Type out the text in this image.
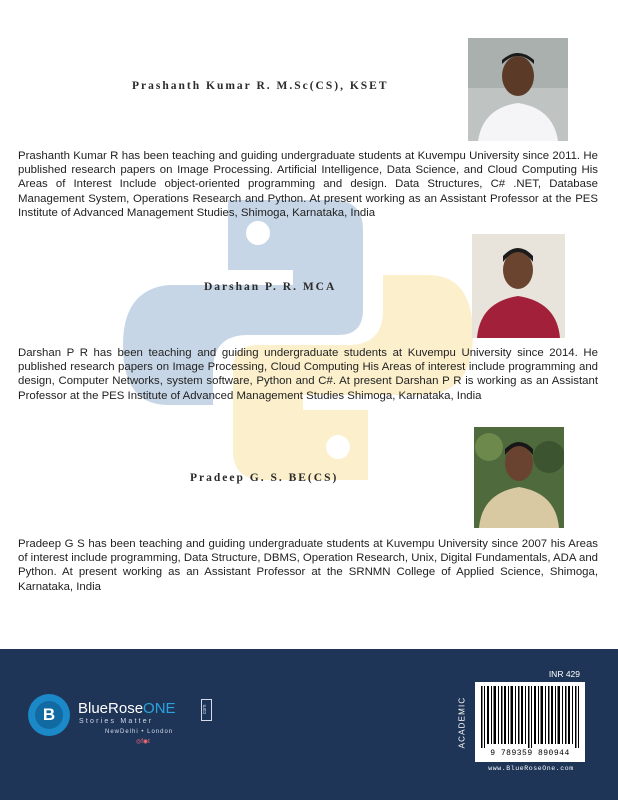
Prashanth Kumar R. M.Sc(CS), KSET
Prashanth Kumar R has been teaching and guiding undergraduate students at Kuvempu University since 2011. He published research papers on Image Processing. Artificial Intelligence, Data Science, and Cloud Computing His Areas of Interest Include object-oriented programming and design. Data Structures, C# .NET, Database Management System, Operations Research and Python. At present working as an Assistant Professor at the PES Institute of Advanced Management Studies, Shimoga, Karnataka, India
Darshan P. R. MCA
Darshan P R has been teaching and guiding undergraduate students at Kuvempu University since 2014. He published research papers on Image Processing, Cloud Computing His Areas of interest include programming and design, Computer Networks, system software, Python and C#. At present Darshan P R is working as an Assistant Professor at the PES Institute of Advanced Management Studies Shimoga, Karnataka, India
Pradeep G. S. BE(CS)
Pradeep G S has been teaching and guiding undergraduate students at Kuvempu University since 2007 his Areas of interest include programming, Data Structure, DBMS, Operation Research, Unix, Digital Fundamentals, ADA and Python. At present working as an Assistant Professor at the SRNMN College of Applied Science, Shimoga, Karnataka, India
B	BlueRoseONE	com
Stories Matter
NewDelhi • London
◎f◉t
INR 429
ACADEMIC
9 789359 890944
www.BlueRoseOne.com
